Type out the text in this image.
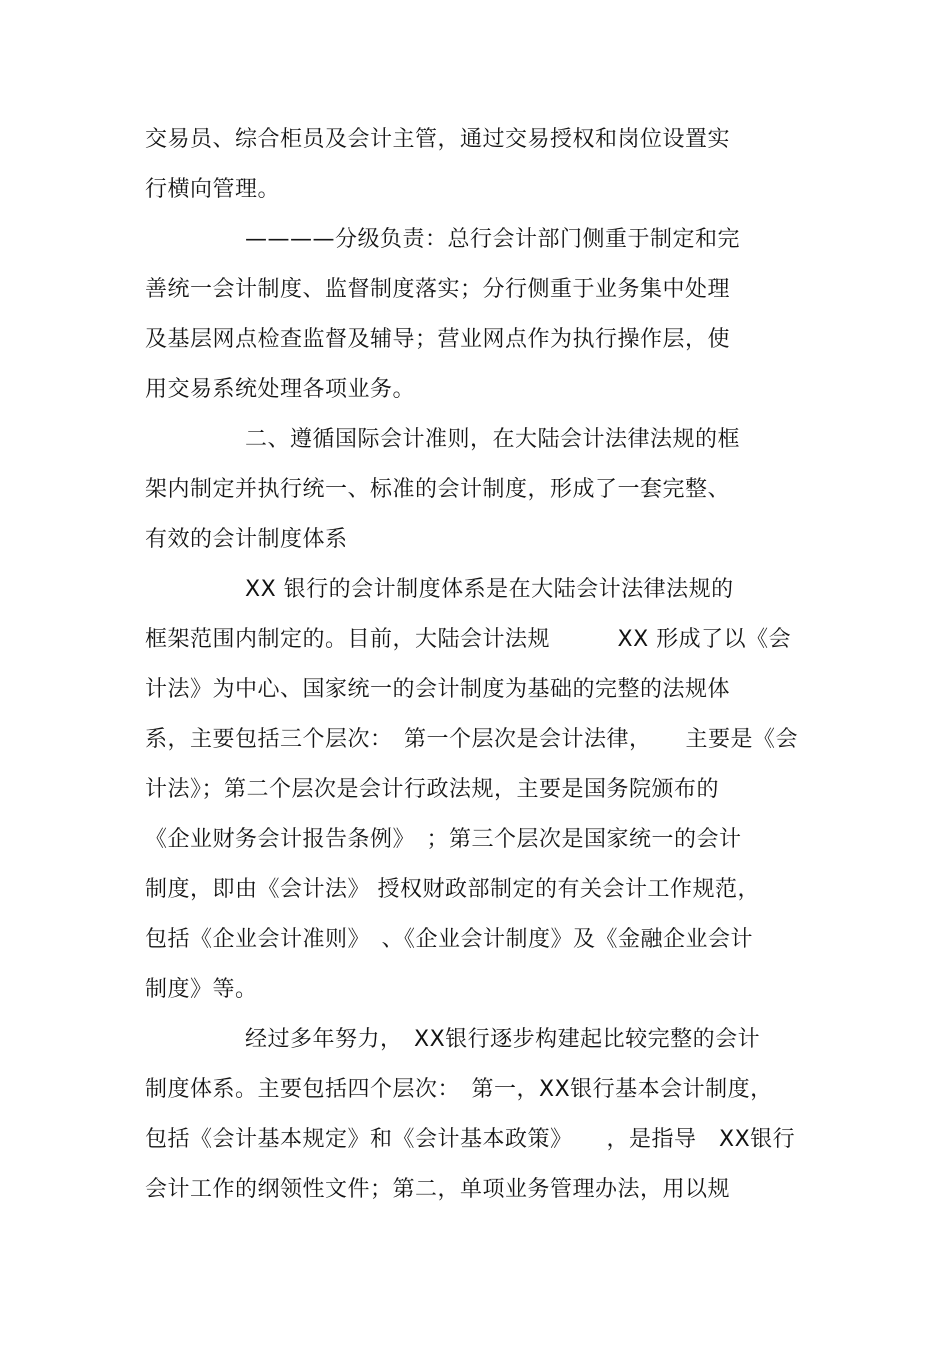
交易员、综合柜员及会计主管，通过交易授权和岗位设置实
行横向管理。
————分级负责：总行会计部门侧重于制定和完
善统一会计制度、监督制度落实；分行侧重于业务集中处理
及基层网点检查监督及辅导；营业网点作为执行操作层，使
用交易系统处理各项业务。
二、遵循国际会计准则，在大陆会计法律法规的框
架内制定并执行统一、标准的会计制度，形成了一套完整、
有效的会计制度体系
XX 银行的会计制度体系是在大陆会计法律法规的
框架范围内制定的。目前，大陆会计法规　　　XX 形成了以《会
计法》为中心、国家统一的会计制度为基础的完整的法规体
系，主要包括三个层次：　第一个层次是会计法律，　　主要是《会
计法》；第二个层次是会计行政法规，主要是国务院颁布的
《企业财务会计报告条例》　；第三个层次是国家统一的会计
制度，即由《会计法》 授权财政部制定的有关会计工作规范，
包括《企业会计准则》　、《企业会计制度》及《金融企业会计
制度》等。
经过多年努力，　XX银行逐步构建起比较完整的会计
制度体系。主要包括四个层次：　第一，XX银行基本会计制度，
包括《会计基本规定》和《会计基本政策》　　，是指导　XX银行
会计工作的纲领性文件；第二，单项业务管理办法，用以规
